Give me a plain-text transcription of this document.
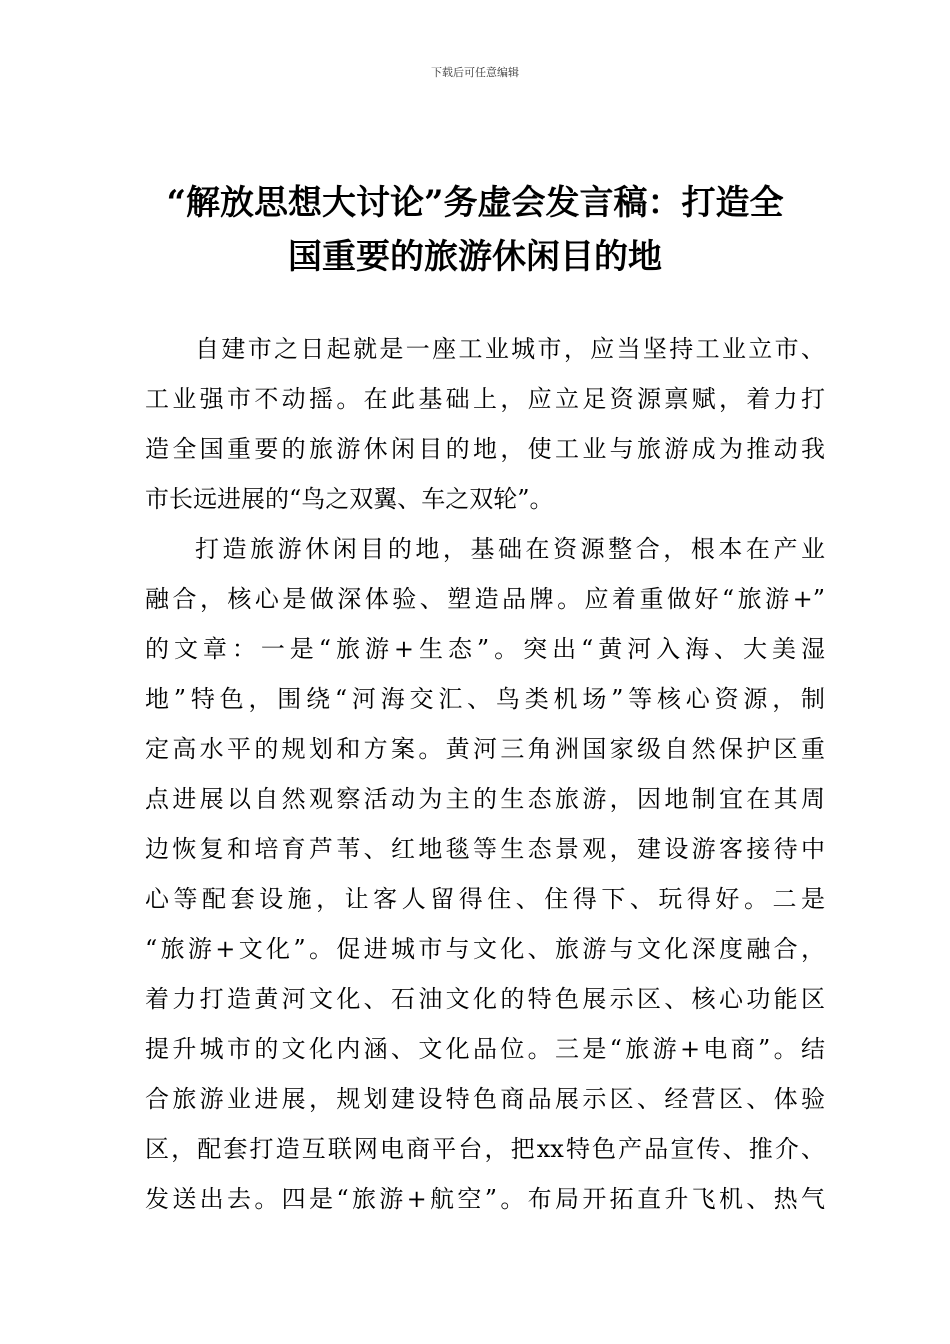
下载后可任意编辑
“解放思想大讨论”务虚会发言稿：打造全
国重要的旅游休闲目的地
自建市之日起就是一座工业城市，应当坚持工业立市、
工业强市不动摇。在此基础上，应立足资源禀赋，着力打
造全国重要的旅游休闲目的地，使工业与旅游成为推动我
市长远进展的“鸟之双翼、车之双轮”。
打造旅游休闲目的地，基础在资源整合，根本在产业
融合，核心是做深体验、塑造品牌。应着重做好“旅游+”
的文章：一是“旅游+生态”。突出“黄河入海、大美湿
地”特色，围绕“河海交汇、鸟类机场”等核心资源，制
定高水平的规划和方案。黄河三角洲国家级自然保护区重
点进展以自然观察活动为主的生态旅游，因地制宜在其周
边恢复和培育芦苇、红地毯等生态景观，建设游客接待中
心等配套设施，让客人留得住、住得下、玩得好。二是
“旅游+文化”。促进城市与文化、旅游与文化深度融合，
着力打造黄河文化、石油文化的特色展示区、核心功能区
提升城市的文化内涵、文化品位。三是“旅游+电商”。结
合旅游业进展，规划建设特色商品展示区、经营区、体验
区，配套打造互联网电商平台，把xx特色产品宣传、推介、
发送出去。四是“旅游+航空”。布局开拓直升飞机、热气
